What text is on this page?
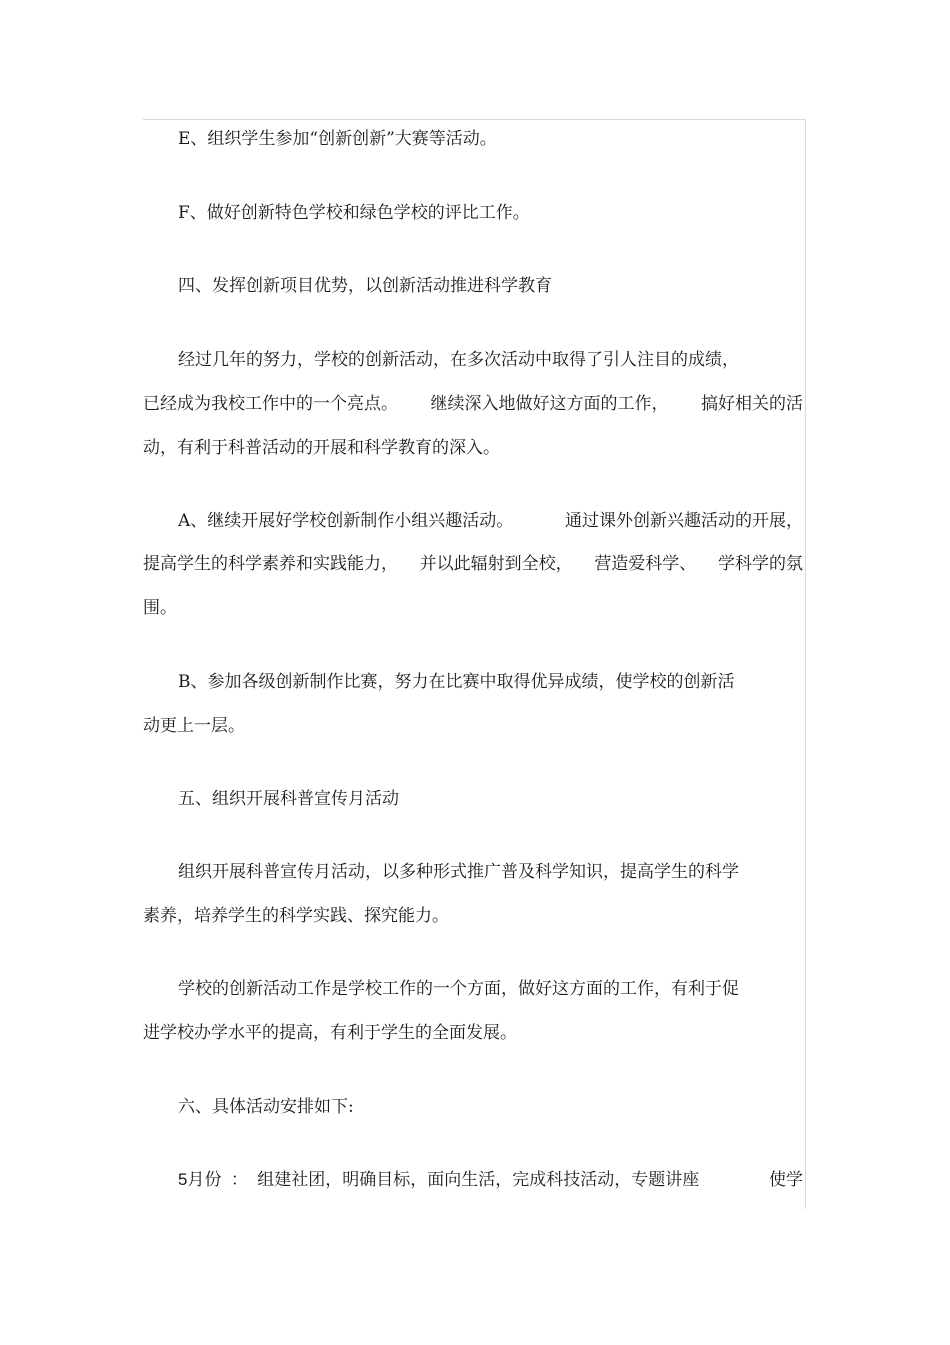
E、组织学生参加“创新创新”大赛等活动。
F、做好创新特色学校和绿色学校的评比工作。
四、发挥创新项目优势，以创新活动推进科学教育
经过几年的努力，学校的创新活动，在多次活动中取得了引人注目的成绩，
已经成为我校工作中的一个亮点。 继续深入地做好这方面的工作， 搞好相关的活
动，有利于科普活动的开展和科学教育的深入。
A、继续开展好学校创新制作小组兴趣活动。	通过课外创新兴趣活动的开展，
提高学生的科学素养和实践能力， 并以此辐射到全校， 营造爱科学、 学科学的氛
围。
B、参加各级创新制作比赛，努力在比赛中取得优异成绩，使学校的创新活
动更上一层。
五、组织开展科普宣传月活动
组织开展科普宣传月活动，以多种形式推广普及科学知识，提高学生的科学
素养，培养学生的科学实践、探究能力。
学校的创新活动工作是学校工作的一个方面，做好这方面的工作，有利于促
进学校办学水平的提高，有利于学生的全面发展。
六、具体活动安排如下:
5月份 ： 组建社团，明确目标，面向生活，完成科技活动，专题讲座	使学
